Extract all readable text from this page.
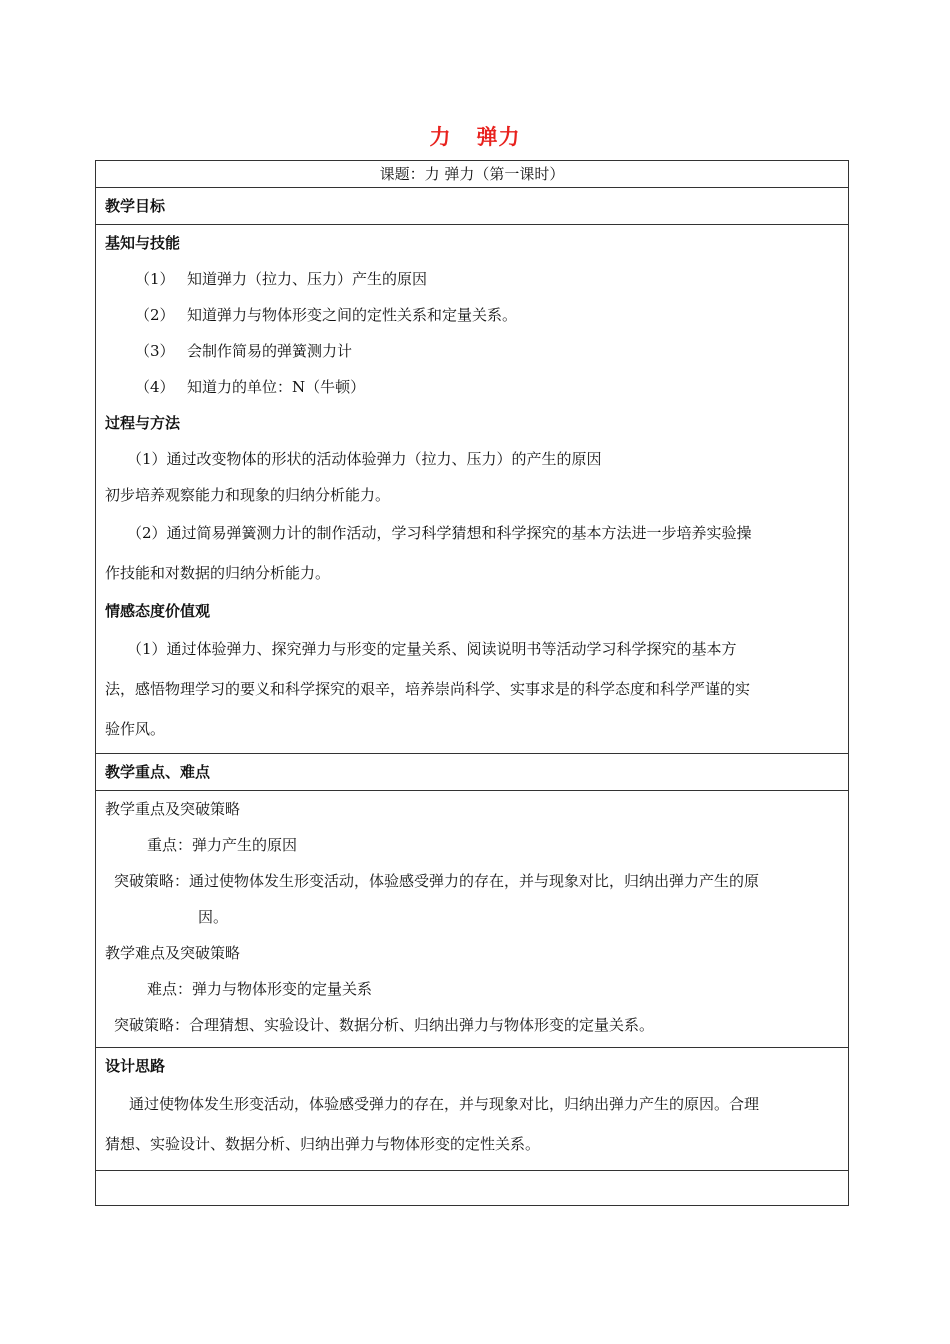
力   弹力
课题：力 弹力（第一课时）

教学目标

基知与技能
（1） 知道弹力（拉力、压力）产生的原因
（2） 知道弹力与物体形变之间的定性关系和定量关系。
（3） 会制作简易的弹簧测力计
（4） 知道力的单位：N（牛顿）
过程与方法
（1）通过改变物体的形状的活动体验弹力（拉力、压力）的产生的原因
初步培养观察能力和现象的归纳分析能力。
（2）通过简易弹簧测力计的制作活动，学习科学猜想和科学探究的基本方法进一步培养实验操
作技能和对数据的归纳分析能力。
情感态度价值观
（1）通过体验弹力、探究弹力与形变的定量关系、阅读说明书等活动学习科学探究的基本方
法，感悟物理学习的要义和科学探究的艰辛，培养崇尚科学、实事求是的科学态度和科学严谨的实
验作风。

教学重点、难点

教学重点及突破策略
重点：弹力产生的原因
突破策略：通过使物体发生形变活动，体验感受弹力的存在，并与现象对比，归纳出弹力产生的原
因。
教学难点及突破策略
难点：弹力与物体形变的定量关系
突破策略：合理猜想、实验设计、数据分析、归纳出弹力与物体形变的定量关系。

设计思路
通过使物体发生形变活动，体验感受弹力的存在，并与现象对比，归纳出弹力产生的原因。合理
猜想、实验设计、数据分析、归纳出弹力与物体形变的定性关系。
